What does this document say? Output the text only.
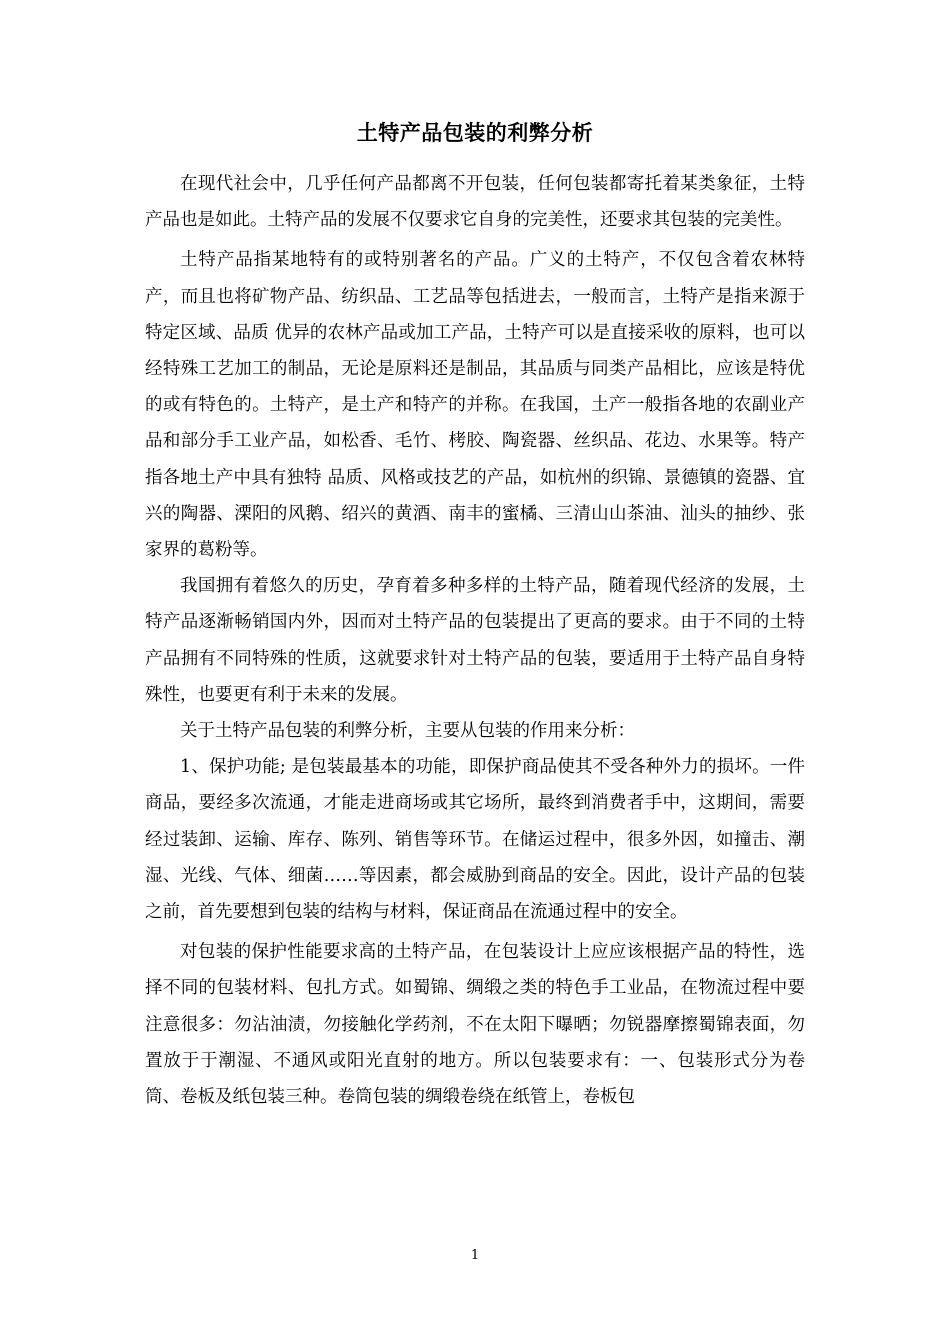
土特产品包装的利弊分析

在现代社会中，几乎任何产品都离不开包装，任何包装都寄托着某类象征，土特产品也是如此。土特产品的发展不仅要求它自身的完美性，还要求其包装的完美性。

土特产品指某地特有的或特别著名的产品。广义的土特产，不仅包含着农林特产，而且也将矿物产品、纺织品、工艺品等包括进去，一般而言，土特产是指来源于特定区域、品质 优异的农林产品或加工产品，土特产可以是直接采收的原料，也可以经特殊工艺加工的制品，无论是原料还是制品，其品质与同类产品相比，应该是特优的或有特色的。土特产，是土产和特产的并称。在我国，土产一般指各地的农副业产品和部分手工业产品，如松香、毛竹、栲胶、陶瓷器、丝织品、花边、水果等。特产指各地土产中具有独特 品质、风格或技艺的产品，如杭州的织锦、景德镇的瓷器、宜兴的陶器、溧阳的风鹅、绍兴的黄酒、南丰的蜜橘、三清山山茶油、汕头的抽纱、张家界的葛粉等。

我国拥有着悠久的历史，孕育着多种多样的土特产品，随着现代经济的发展，土特产品逐渐畅销国内外，因而对土特产品的包装提出了更高的要求。由于不同的土特产品拥有不同特殊的性质，这就要求针对土特产品的包装，要适用于土特产品自身特殊性，也要更有利于未来的发展。

关于土特产品包装的利弊分析，主要从包装的作用来分析：

1、保护功能; 是包装最基本的功能，即保护商品使其不受各种外力的损坏。一件商品，要经多次流通，才能走进商场或其它场所，最终到消费者手中，这期间，需要经过装卸、运输、库存、陈列、销售等环节。在储运过程中，很多外因，如撞击、潮湿、光线、气体、细菌……等因素，都会威胁到商品的安全。因此，设计产品的包装之前，首先要想到包装的结构与材料，保证商品在流通过程中的安全。

对包装的保护性能要求高的土特产品，在包装设计上应应该根据产品的特性，选择不同的包装材料、包扎方式。如蜀锦、绸缎之类的特色手工业品，在物流过程中要注意很多：勿沾油渍，勿接触化学药剂，不在太阳下曝晒；勿锐器摩擦蜀锦表面，勿置放于于潮湿、不通风或阳光直射的地方。所以包装要求有：一、包装形式分为卷筒、卷板及纸包装三种。卷筒包装的绸缎卷绕在纸管上，卷板包

1
